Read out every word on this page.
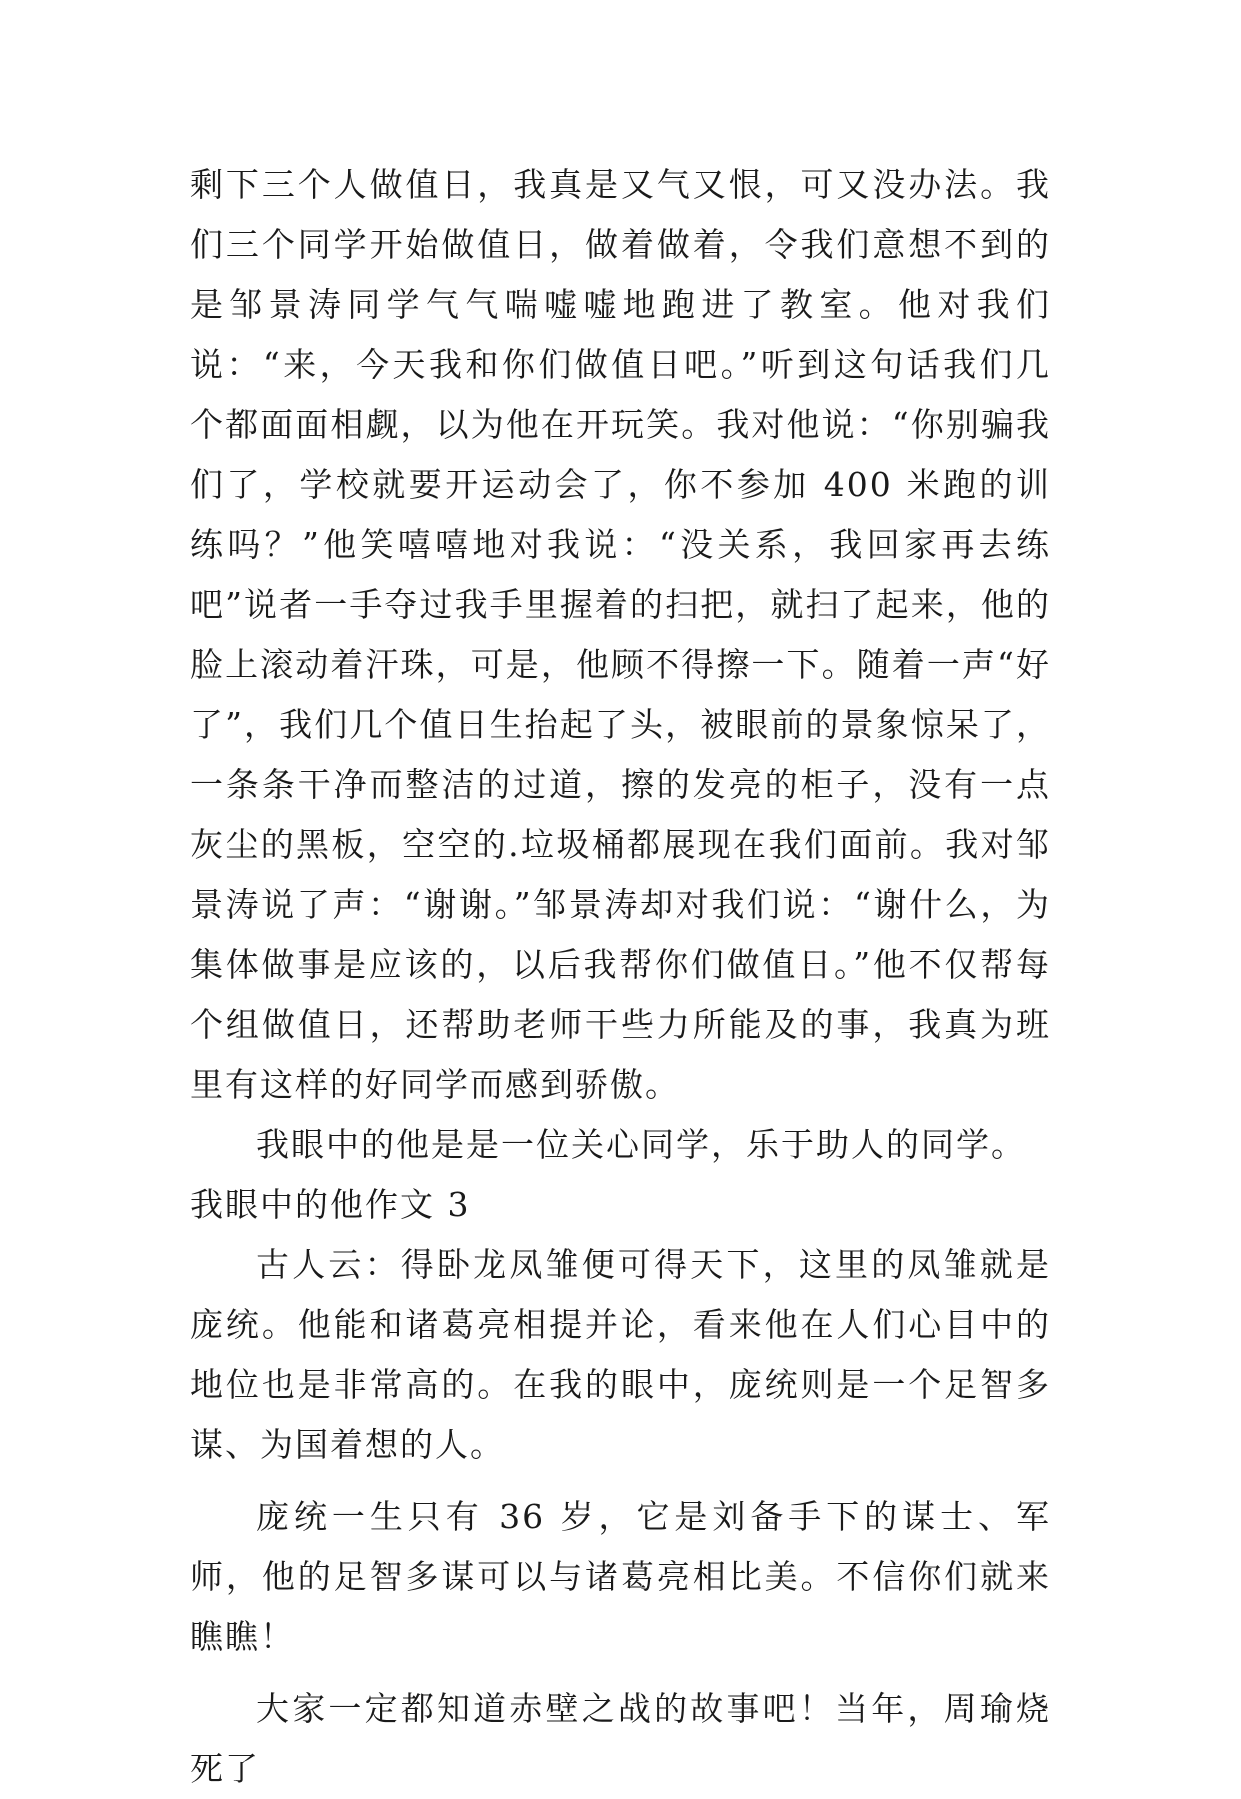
剩下三个人做值日，我真是又气又恨，可又没办法。我们三个同学开始做值日，做着做着，令我们意想不到的是邹景涛同学气气喘嘘嘘地跑进了教室。他对我们说：“来，今天我和你们做值日吧。”听到这句话我们几个都面面相觑，以为他在开玩笑。我对他说：“你别骗我们了，学校就要开运动会了，你不参加 400 米跑的训练吗？”他笑嘻嘻地对我说：“没关系，我回家再去练吧”说者一手夺过我手里握着的扫把，就扫了起来，他的脸上滚动着汗珠，可是，他顾不得擦一下。随着一声“好了”，我们几个值日生抬起了头，被眼前的景象惊呆了，一条条干净而整洁的过道，擦的发亮的柜子，没有一点灰尘的黑板，空空的.垃圾桶都展现在我们面前。我对邹景涛说了声：“谢谢。”邹景涛却对我们说：“谢什么，为集体做事是应该的，以后我帮你们做值日。”他不仅帮每个组做值日，还帮助老师干些力所能及的事，我真为班里有这样的好同学而感到骄傲。

我眼中的他是是一位关心同学，乐于助人的同学。

我眼中的他作文 3

古人云：得卧龙凤雏便可得天下，这里的凤雏就是庞统。他能和诸葛亮相提并论，看来他在人们心目中的地位也是非常高的。在我的眼中，庞统则是一个足智多谋、为国着想的人。

庞统一生只有 36 岁，它是刘备手下的谋士、军师，他的足智多谋可以与诸葛亮相比美。不信你们就来瞧瞧！

大家一定都知道赤壁之战的故事吧！当年，周瑜烧死了
